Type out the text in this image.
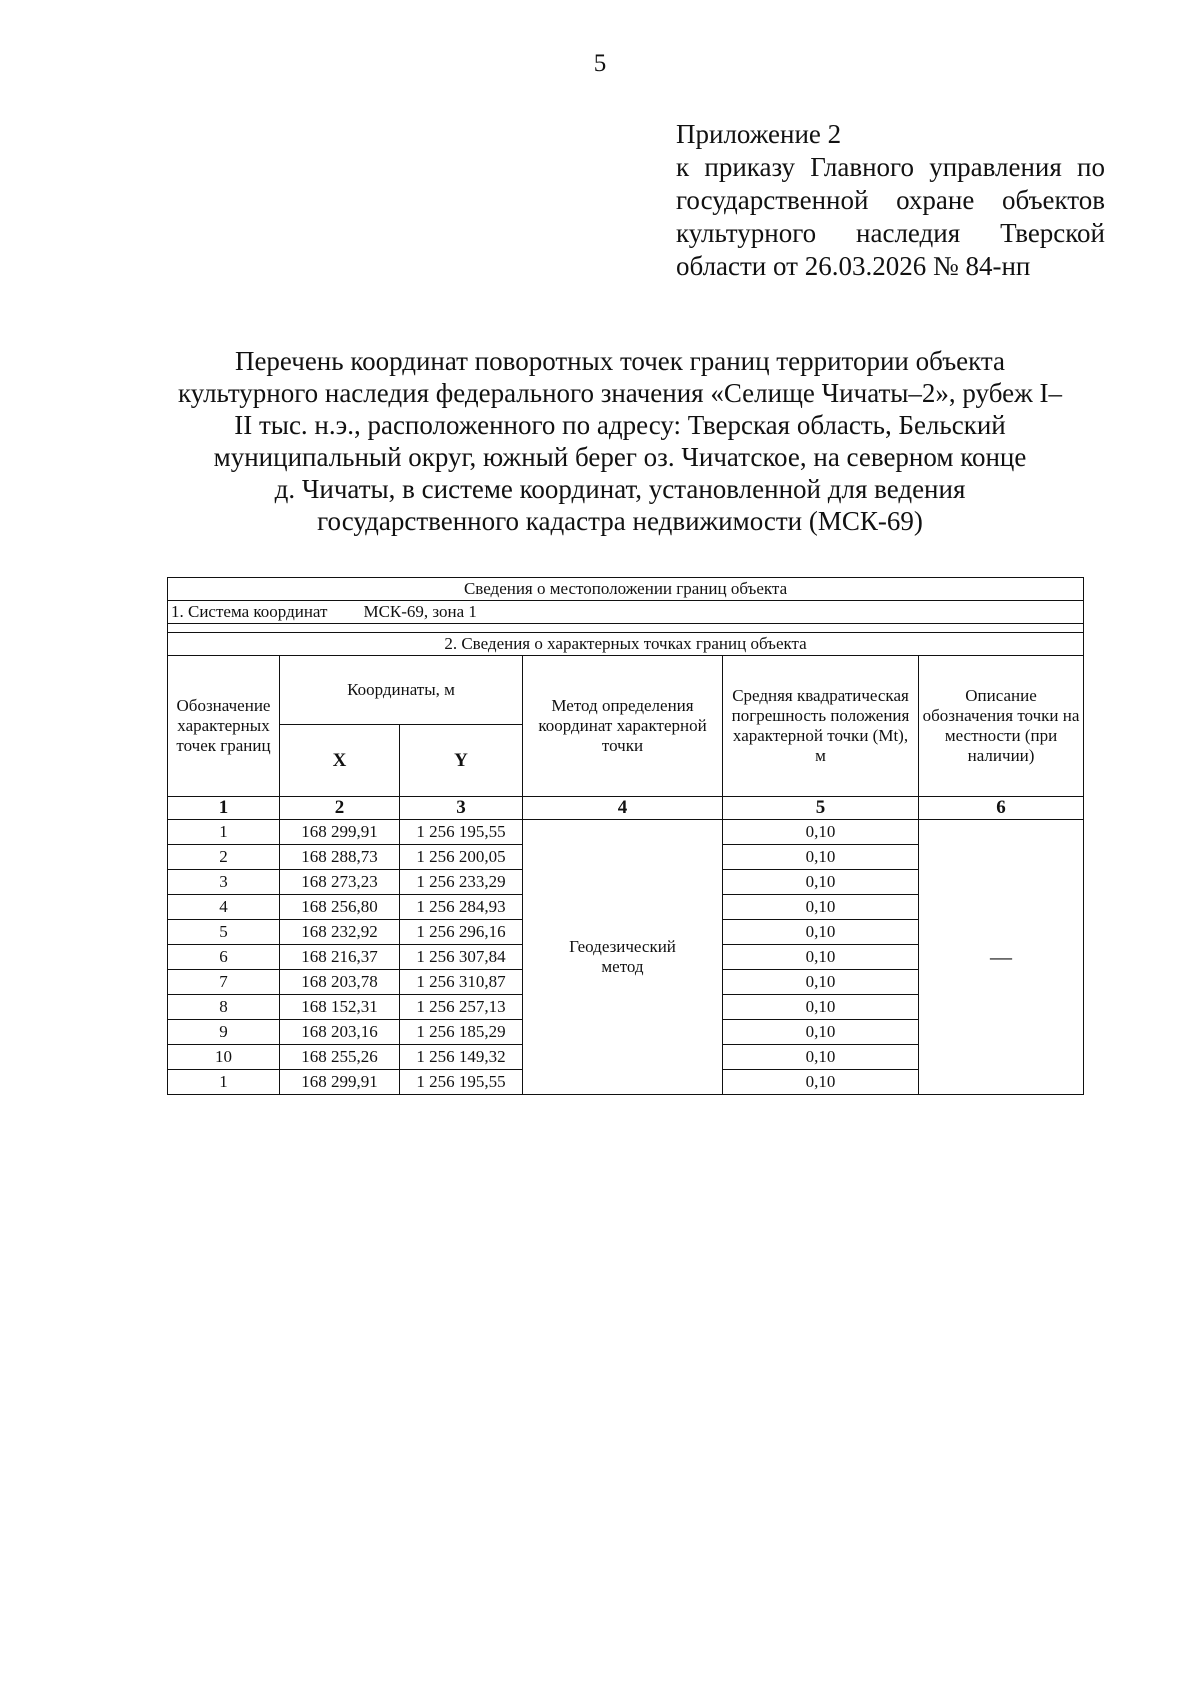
5
Приложение 2
к приказу Главного управления по
государственной охране объектов
культурного наследия Тверской
области от 26.03.2026 № 84-нп
Перечень координат поворотных точек границ территории объекта
культурного наследия федерального значения «Селище Чичаты–2», рубеж I–
II тыс. н.э., расположенного по адресу: Тверская область, Бельский
муниципальный округ, южный берег оз. Чичатское, на северном конце
д. Чичаты, в системе координат, установленной для ведения
государственного кадастра недвижимости (МСК-69)
Сведения о местоположении границ объекта					
1. Система координат МСК-69, зона 1					

2. Сведения о характерных точках границ объекта					
Обозначение характерных точек границ	Координаты, м		Метод определения координат характерной точки	Средняя квадратическая погрешность положения характерной точки (Mt), м	Описание обозначения точки на местности (при наличии)
	X	Y			
1	2	3	4	5	6
1	168 299,91	1 256 195,55	Геодезический метод	0,10	—
2	168 288,73	1 256 200,05		0,10	
3	168 273,23	1 256 233,29		0,10	
4	168 256,80	1 256 284,93		0,10	
5	168 232,92	1 256 296,16		0,10	
6	168 216,37	1 256 307,84		0,10	
7	168 203,78	1 256 310,87		0,10	
8	168 152,31	1 256 257,13		0,10	
9	168 203,16	1 256 185,29		0,10	
10	168 255,26	1 256 149,32		0,10	
1	168 299,91	1 256 195,55		0,10	
